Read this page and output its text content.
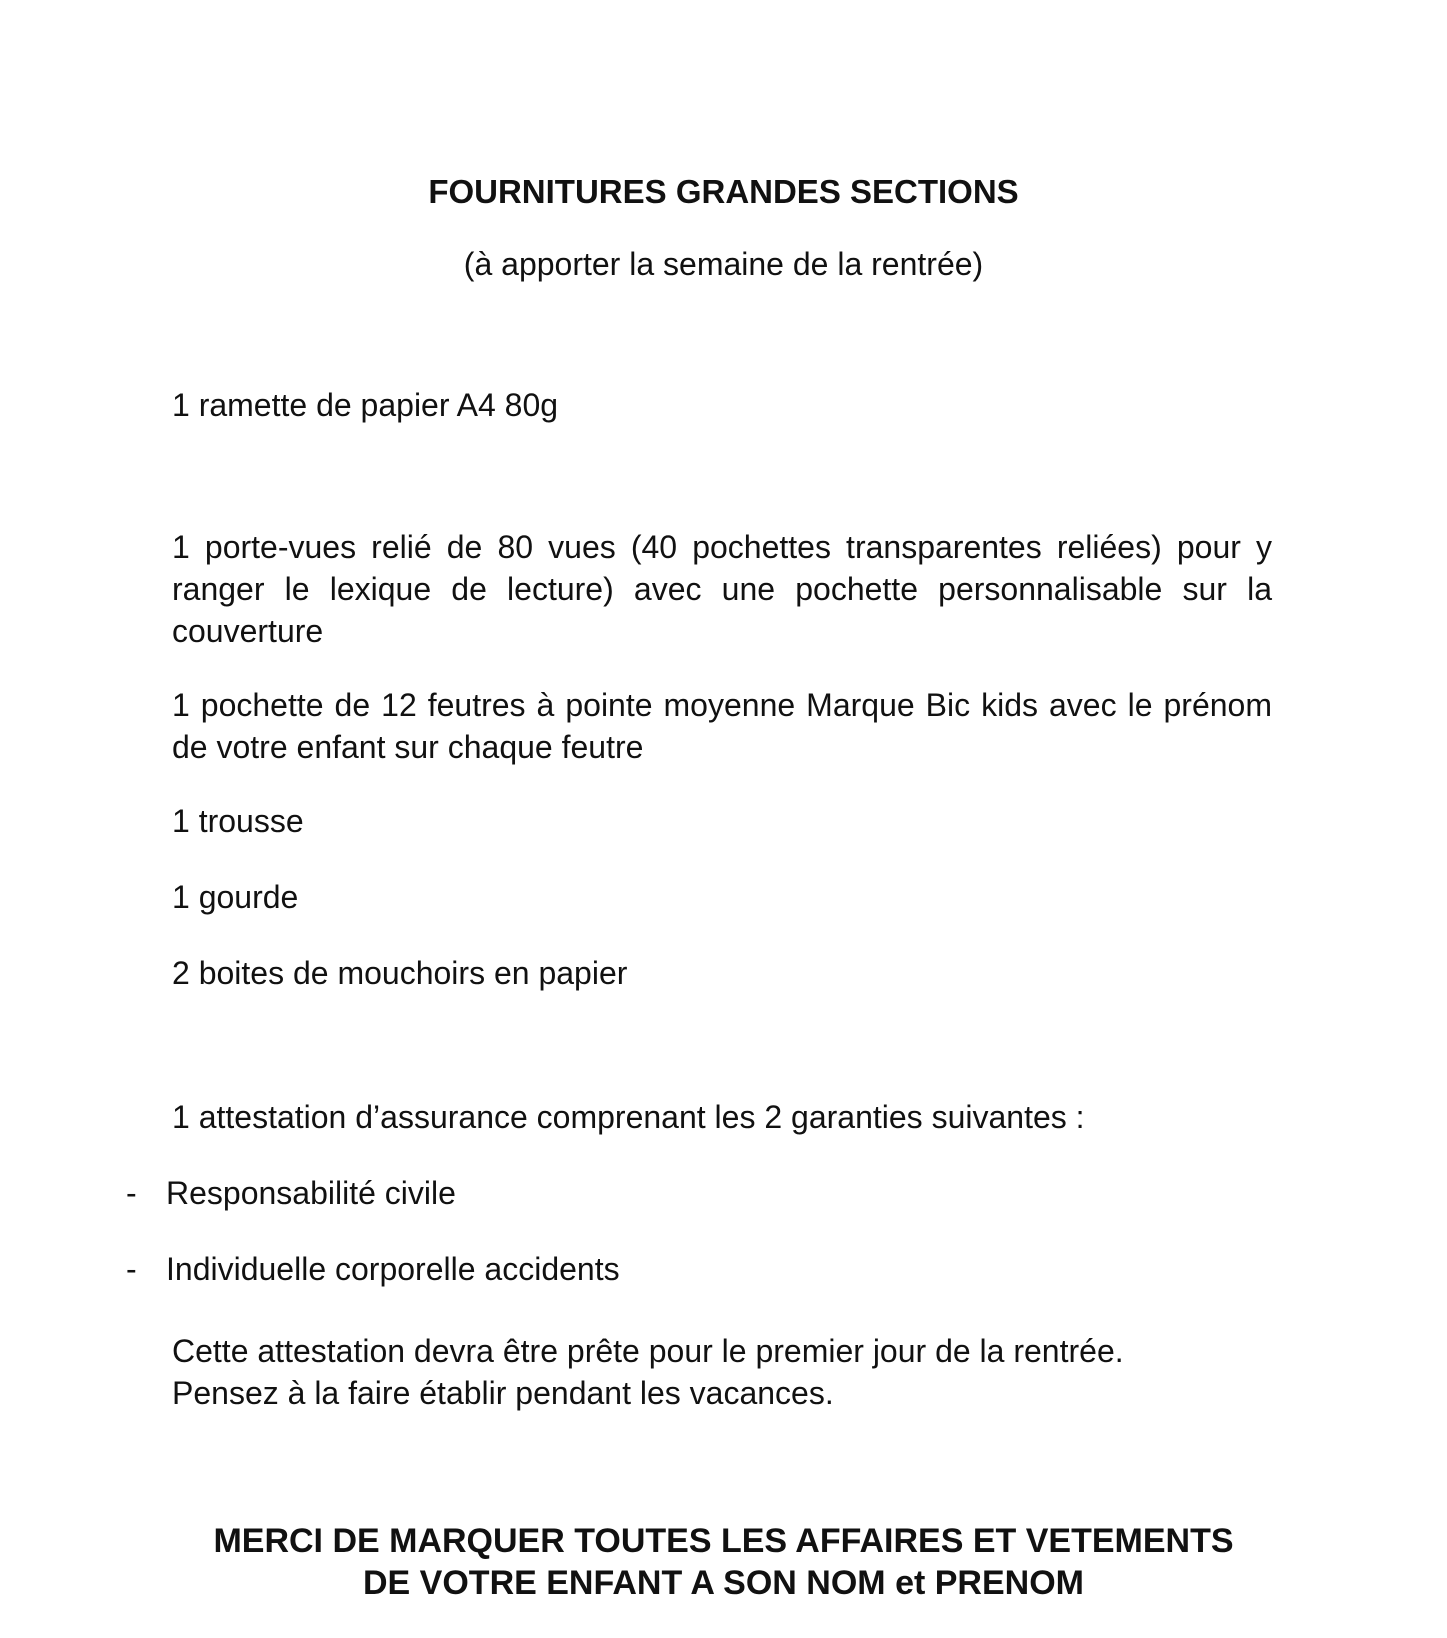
FOURNITURES GRANDES SECTIONS
(à apporter la semaine de la rentrée)
1 ramette de papier A4 80g
1 porte-vues relié de 80 vues (40 pochettes transparentes reliées) pour y ranger le lexique de lecture) avec une pochette personnalisable sur la couverture
1 pochette de 12 feutres à pointe moyenne Marque Bic kids avec le prénom de votre enfant sur chaque feutre
1 trousse
1 gourde
2 boites de mouchoirs en papier
1 attestation d’assurance comprenant les 2 garanties suivantes :
- Responsabilité civile
- Individuelle corporelle accidents
Cette attestation devra être prête pour le premier jour de la rentrée.
Pensez à la faire établir pendant les vacances.
MERCI DE MARQUER TOUTES LES AFFAIRES ET VETEMENTS
DE VOTRE ENFANT A SON NOM et PRENOM
